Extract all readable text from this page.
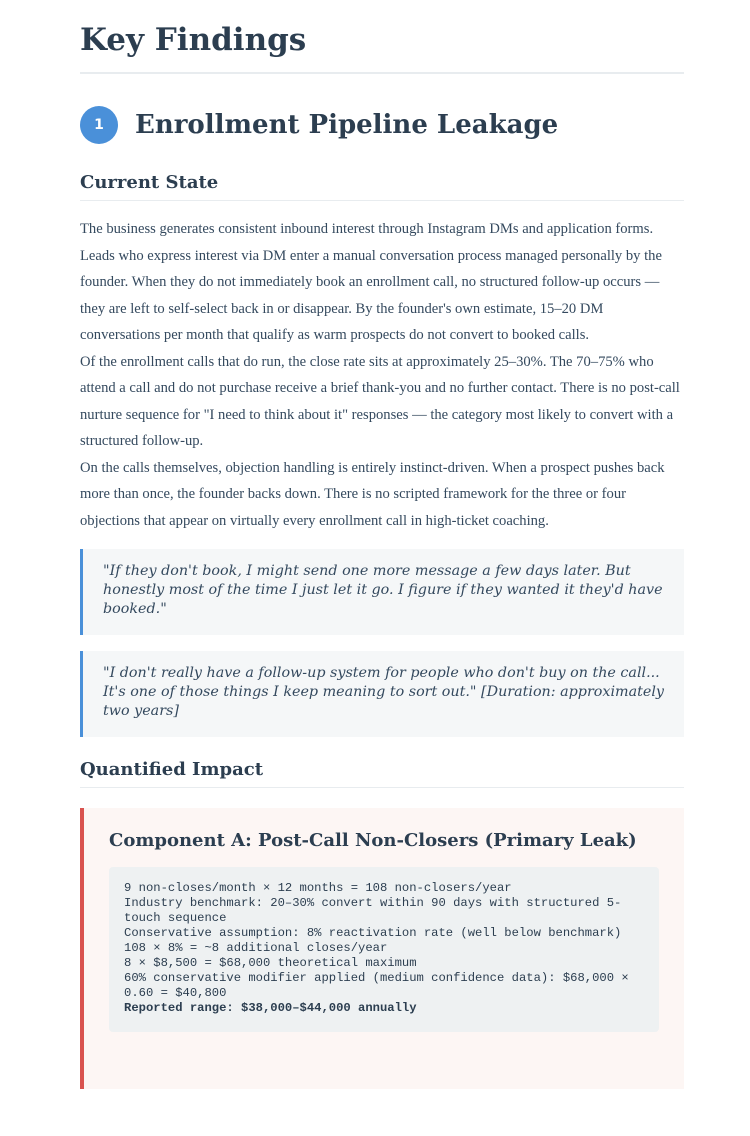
Key Findings
1	Enrollment Pipeline Leakage
Current State

The business generates consistent inbound interest through Instagram DMs and application forms. Leads who express interest via DM enter a manual conversation process managed personally by the founder. When they do not immediately book an enrollment call, no structured follow-up occurs — they are left to self-select back in or disappear. By the founder's own estimate, 15–20 DM conversations per month that qualify as warm prospects do not convert to booked calls.

Of the enrollment calls that do run, the close rate sits at approximately 25–30%. The 70–75% who attend a call and do not purchase receive a brief thank-you and no further contact. There is no post-call nurture sequence for "I need to think about it" responses — the category most likely to convert with a structured follow-up.

On the calls themselves, objection handling is entirely instinct-driven. When a prospect pushes back more than once, the founder backs down. There is no scripted framework for the three or four objections that appear on virtually every enrollment call in high-ticket coaching.

"If they don't book, I might send one more message a few days later. But honestly most of the time I just let it go. I figure if they wanted it they'd have booked."

"I don't really have a follow-up system for people who don't buy on the call... It's one of those things I keep meaning to sort out." [Duration: approximately two years]

Quantified Impact
Component A: Post-Call Non-Closers (Primary Leak)
9 non-closes/month × 12 months = 108 non-closers/year
Industry benchmark: 20–30% convert within 90 days with structured 5-touch sequence
Conservative assumption: 8% reactivation rate (well below benchmark)
108 × 8% = ~8 additional closes/year
8 × $8,500 = $68,000 theoretical maximum
60% conservative modifier applied (medium confidence data): $68,000 × 0.60 = $40,800
Reported range: $38,000–$44,000 annually
